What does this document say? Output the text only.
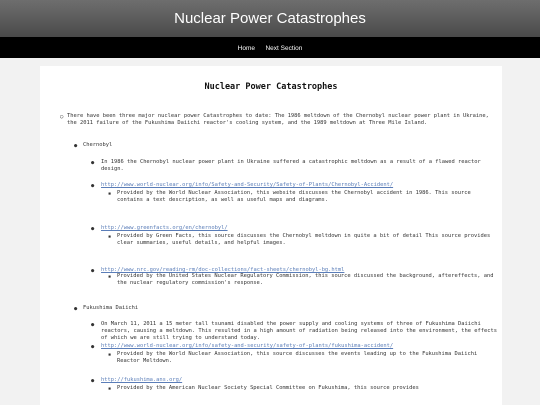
Nuclear Power Catastrophes
Home Next Section
Nuclear Power Catastrophes
○ There have been three major nuclear power Catastrophes to date: The 1986 meltdown of the Chernobyl nuclear power plant in Ukraine, the 2011 failure of the Fukushima Daiichi reactor's cooling system, and the 1989 meltdown at Three Mile Island.
● Chernobyl
● In 1986 the Chernobyl nuclear power plant in Ukraine suffered a catastrophic meltdown as a result of a flawed reactor design.
● http://www.world-nuclear.org/info/Safety-and-Security/Safety-of-Plants/Chernobyl-Accident/
▪ Provided by the World Nuclear Association, this website discusses the Chernobyl accident in 1986. This source contains a text description, as well as useful maps and diagrams.
● http://www.greenfacts.org/en/chernobyl/
▪ Provided by Green Facts, this source discusses the Chernobyl meltdown in quite a bit of detail This source provides clear summaries, useful details, and helpful images.
● http://www.nrc.gov/reading-rm/doc-collections/fact-sheets/chernobyl-bg.html
▪ Provided by the United States Nuclear Regulatory Commission, this source discussed the background, aftereffects, and the nuclear regulatory commission's response.
● Fukushima Daiichi
● On March 11, 2011 a 15 meter tall tsunami disabled the power supply and cooling systems of three of Fukushima Daiichi reactors, causing a meltdown. This resulted in a high amount of radiation being released into the environment, the effects of which we are still trying to understand today.
● http://www.world-nuclear.org/info/safety-and-security/safety-of-plants/fukushima-accident/
▪ Provided by the World Nuclear Association, this source discusses the events leading up to the Fukushima Daiichi Reactor Meltdown.
● http://fukushima.ans.org/
▪ Provided by the American Nuclear Society Special Committee on Fukushima, this source provides
